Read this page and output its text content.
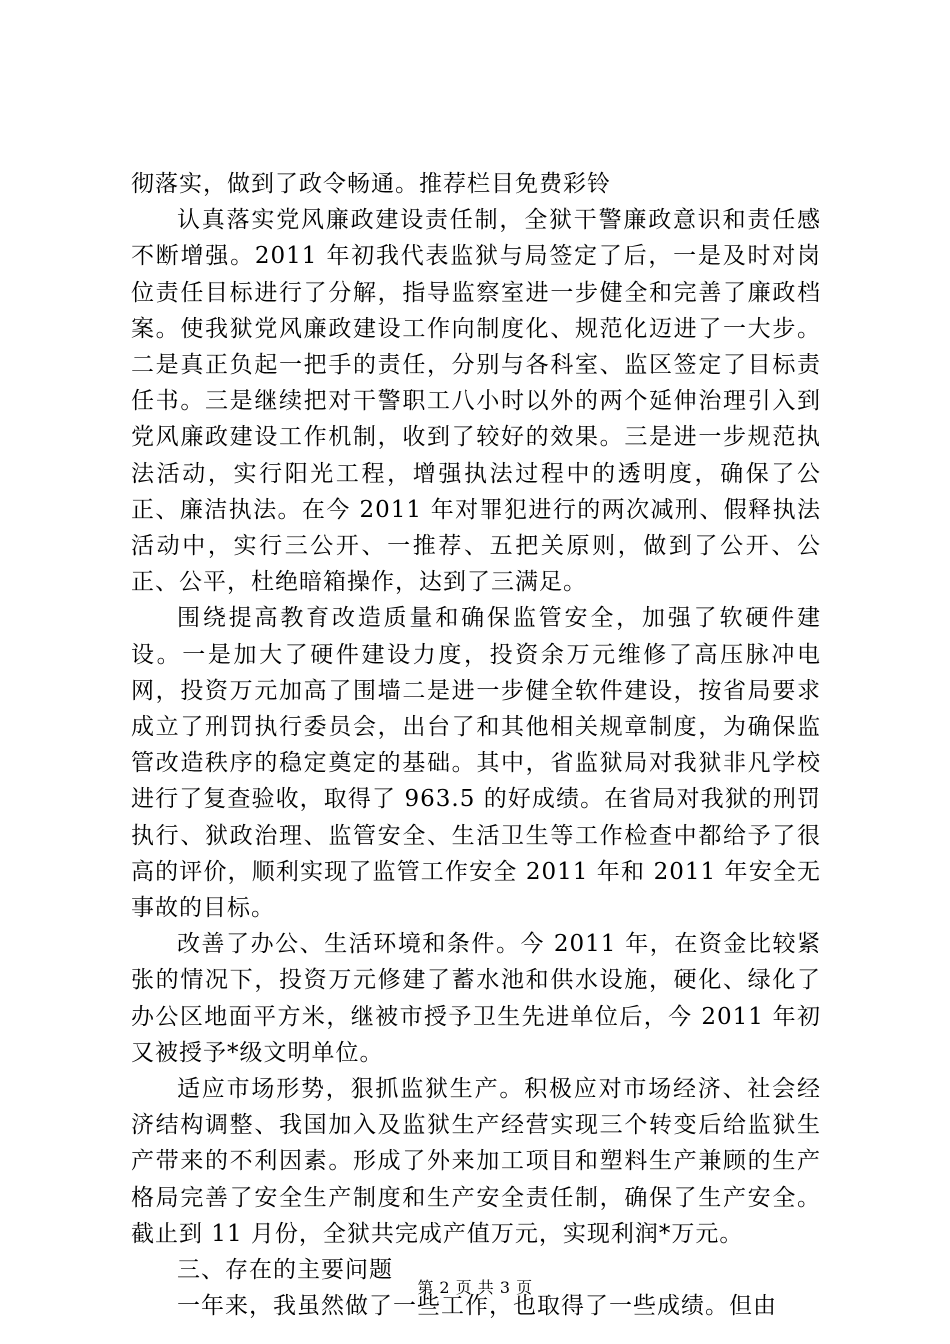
彻落实，做到了政令畅通。推荐栏目免费彩铃

认真落实党风廉政建设责任制，全狱干警廉政意识和责任感不断增强。2011 年初我代表监狱与局签定了后，一是及时对岗位责任目标进行了分解，指导监察室进一步健全和完善了廉政档案。使我狱党风廉政建设工作向制度化、规范化迈进了一大步。二是真正负起一把手的责任，分别与各科室、监区签定了目标责任书。三是继续把对干警职工八小时以外的两个延伸治理引入到党风廉政建设工作机制，收到了较好的效果。三是进一步规范执法活动，实行阳光工程，增强执法过程中的透明度，确保了公正、廉洁执法。在今 2011 年对罪犯进行的两次减刑、假释执法活动中，实行三公开、一推荐、五把关原则，做到了公开、公正、公平，杜绝暗箱操作，达到了三满足。

围绕提高教育改造质量和确保监管安全，加强了软硬件建设。一是加大了硬件建设力度，投资余万元维修了高压脉冲电网，投资万元加高了围墙二是进一步健全软件建设，按省局要求成立了刑罚执行委员会，出台了和其他相关规章制度，为确保监管改造秩序的稳定奠定的基础。其中，省监狱局对我狱非凡学校进行了复查验收，取得了 963.5 的好成绩。在省局对我狱的刑罚执行、狱政治理、监管安全、生活卫生等工作检查中都给予了很高的评价，顺利实现了监管工作安全 2011 年和 2011 年安全无事故的目标。

改善了办公、生活环境和条件。今 2011 年，在资金比较紧张的情况下，投资万元修建了蓄水池和供水设施，硬化、绿化了办公区地面平方米，继被市授予卫生先进单位后，今 2011 年初又被授予*级文明单位。

适应市场形势，狠抓监狱生产。积极应对市场经济、社会经济结构调整、我国加入及监狱生产经营实现三个转变后给监狱生产带来的不利因素。形成了外来加工项目和塑料生产兼顾的生产格局完善了安全生产制度和生产安全责任制，确保了生产安全。截止到 11 月份，全狱共完成产值万元，实现利润*万元。

三、存在的主要问题

一年来，我虽然做了一些工作，也取得了一些成绩。但由

第 2 页 共 3 页
